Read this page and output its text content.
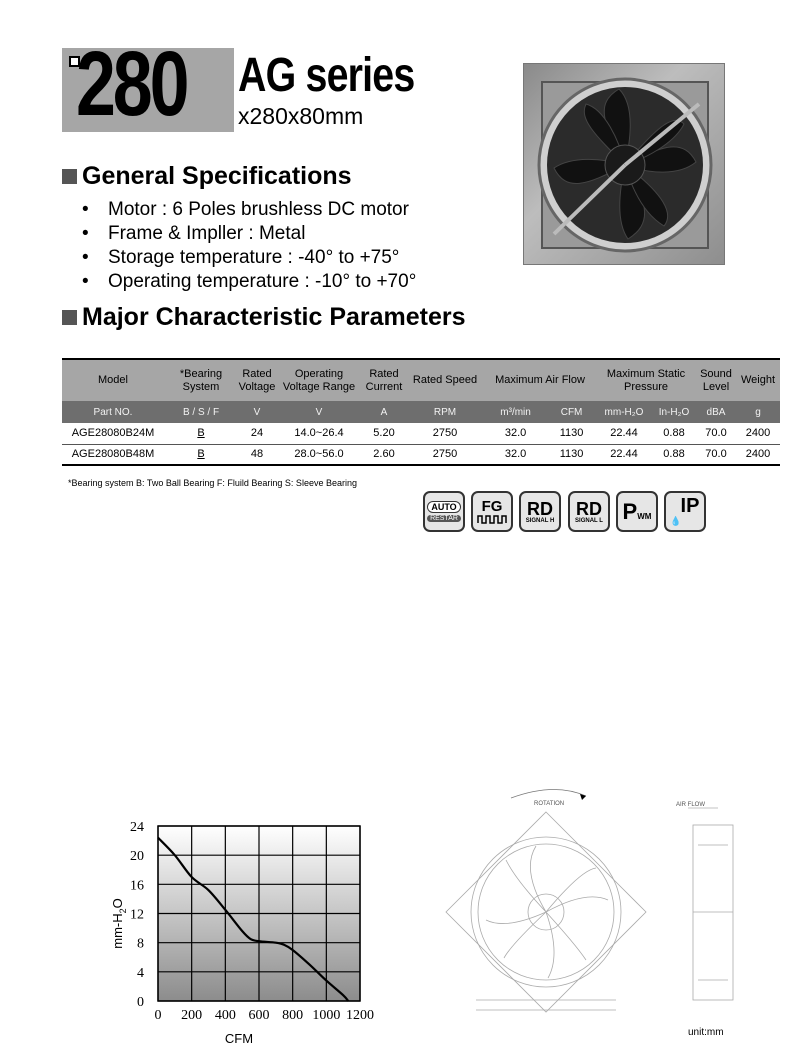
280 AG series
x280x80mm
General Specifications
• Motor : 6 Poles brushless DC motor
• Frame & Impller : Metal
• Storage temperature : -40° to +75°
• Operating temperature : -10° to +70°
Major Characteristic Parameters
Model	*Bearing System	Rated Voltage	Operating Voltage Range	Rated Current	Rated Speed	Maximum Air Flow		Maximum Static Pressure		Sound Level	Weight
Part NO.	B / S / F	V	V	A	RPM	m³/min	CFM	mm-H₂O	In-H₂O	dBA	g
AGE28080B24M	B	24	14.0~26.4	5.20	2750	32.0	1130	22.44	0.88	70.0	2400
AGE28080B48M	B	48	28.0~56.0	2.60	2750	32.0	1130	22.44	0.88	70.0	2400
*Bearing system B: Two Ball Bearing F: Fluild Bearing S: Sleeve Bearing
AUTO
RESTAR
FG RD
SIGNAL H
RD
SIGNAL L P WM IP
💧
0 200 400 600 800 1000 1200
0
4
8
12
16
20
24
CFM
$mm-H_2O$
ROTATION	AIR FLOW
unit:mm
